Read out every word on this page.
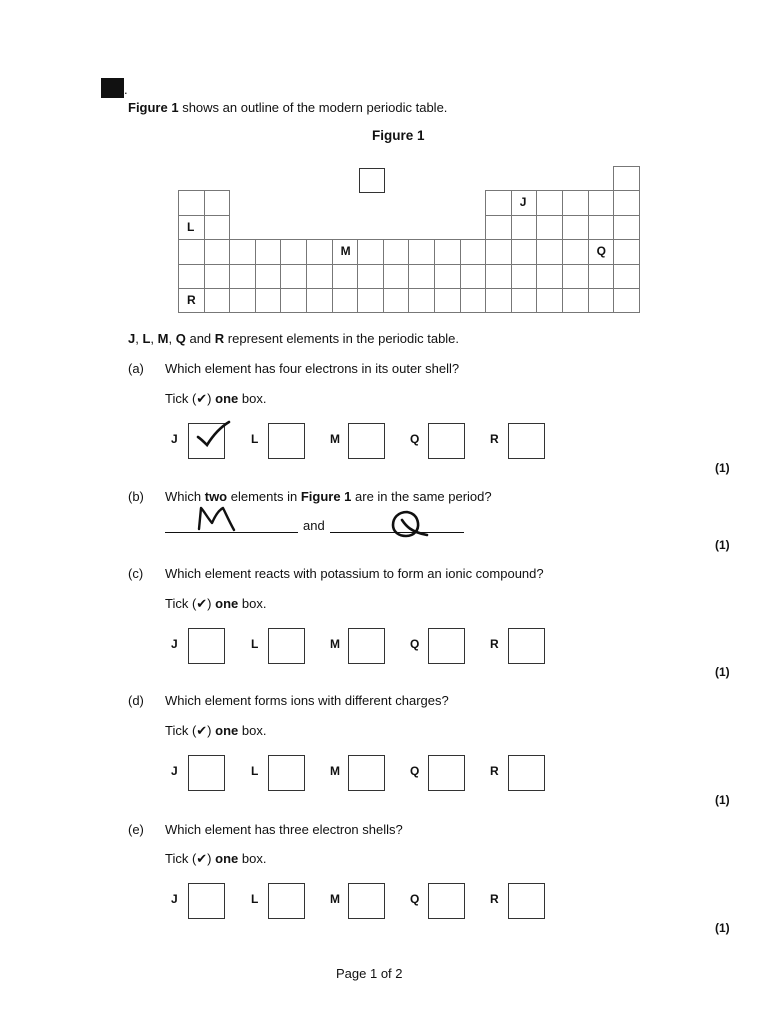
.
Figure 1 shows an outline of the modern periodic table.
Figure 1
J
L
M	Q
R
J, L, M, Q and R represent elements in the periodic table.
(a) Which element has four electrons in its outer shell?
Tick (✔) one box.
(1)
(b) Which two elements in Figure 1 are in the same period?
and
(1)
(c) Which element reacts with potassium to form an ionic compound?
Tick (✔) one box.
(1)
(d) Which element forms ions with different charges?
Tick (✔) one box.
(1)
(e) Which element has three electron shells?
Tick (✔) one box.
(1)
Page 1 of 2
J	L	M	Q	R
J	L	M	Q	R
J	L	M	Q	R
J	L	M	Q	R
